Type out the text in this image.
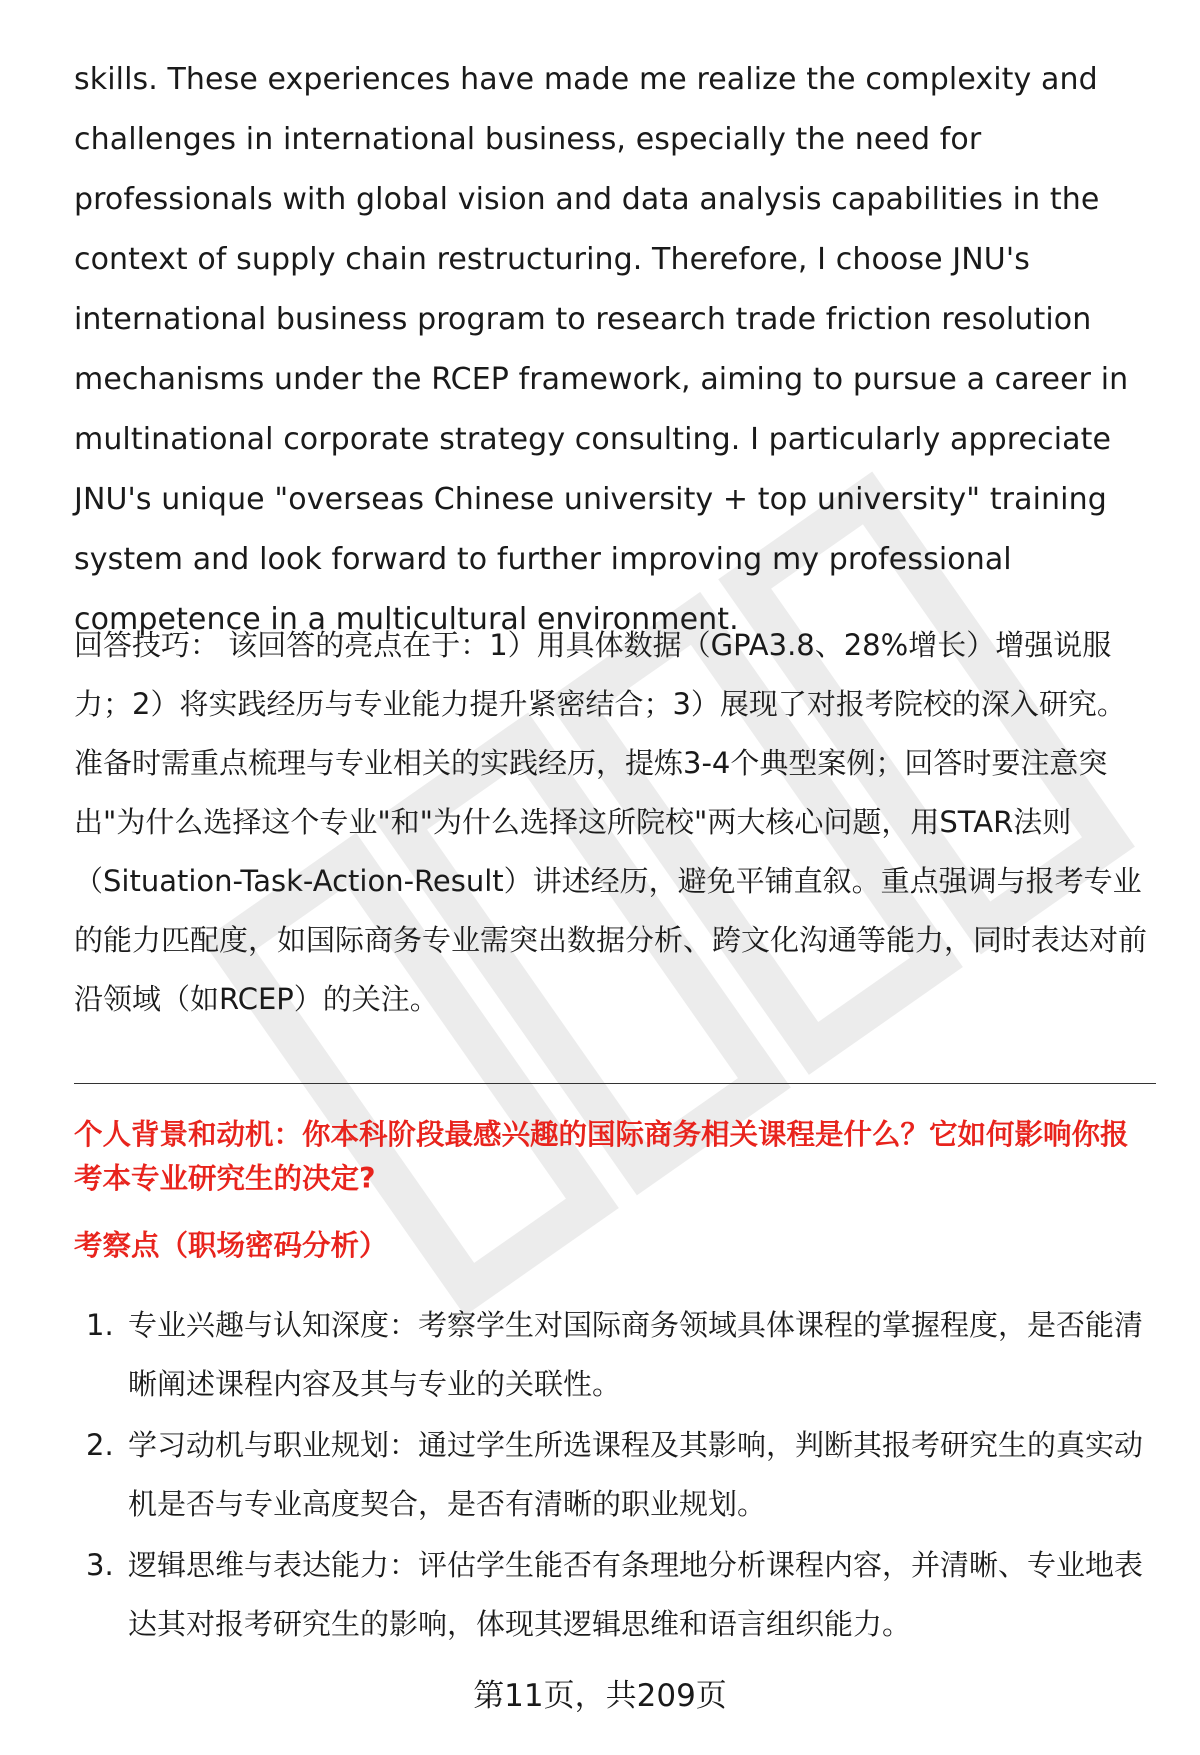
skills. These experiences have made me realize the complexity and challenges in international business, especially the need for professionals with global vision and data analysis capabilities in the context of supply chain restructuring. Therefore, I choose JNU's international business program to research trade friction resolution mechanisms under the RCEP framework, aiming to pursue a career in multinational corporate strategy consulting. I particularly appreciate JNU's unique "overseas Chinese university + top university" training system and look forward to further improving my professional competence in a multicultural environment.

回答技巧： 该回答的亮点在于：1）用具体数据（GPA3.8、28%增长）增强说服力；2）将实践经历与专业能力提升紧密结合；3）展现了对报考院校的深入研究。准备时需重点梳理与专业相关的实践经历，提炼3-4个典型案例；回答时要注意突出"为什么选择这个专业"和"为什么选择这所院校"两大核心问题，用STAR法则（Situation-Task-Action-Result）讲述经历，避免平铺直叙。重点强调与报考专业的能力匹配度，如国际商务专业需突出数据分析、跨文化沟通等能力，同时表达对前沿领域（如RCEP）的关注。

个人背景和动机：你本科阶段最感兴趣的国际商务相关课程是什么？它如何影响你报考本专业研究生的决定?
考察点（职场密码分析）
1. 专业兴趣与认知深度：考察学生对国际商务领域具体课程的掌握程度，是否能清晰阐述课程内容及其与专业的关联性。
2. 学习动机与职业规划：通过学生所选课程及其影响，判断其报考研究生的真实动机是否与专业高度契合，是否有清晰的职业规划。
3. 逻辑思维与表达能力：评估学生能否有条理地分析课程内容，并清晰、专业地表达其对报考研究生的影响，体现其逻辑思维和语言组织能力。
第11页，共209页
